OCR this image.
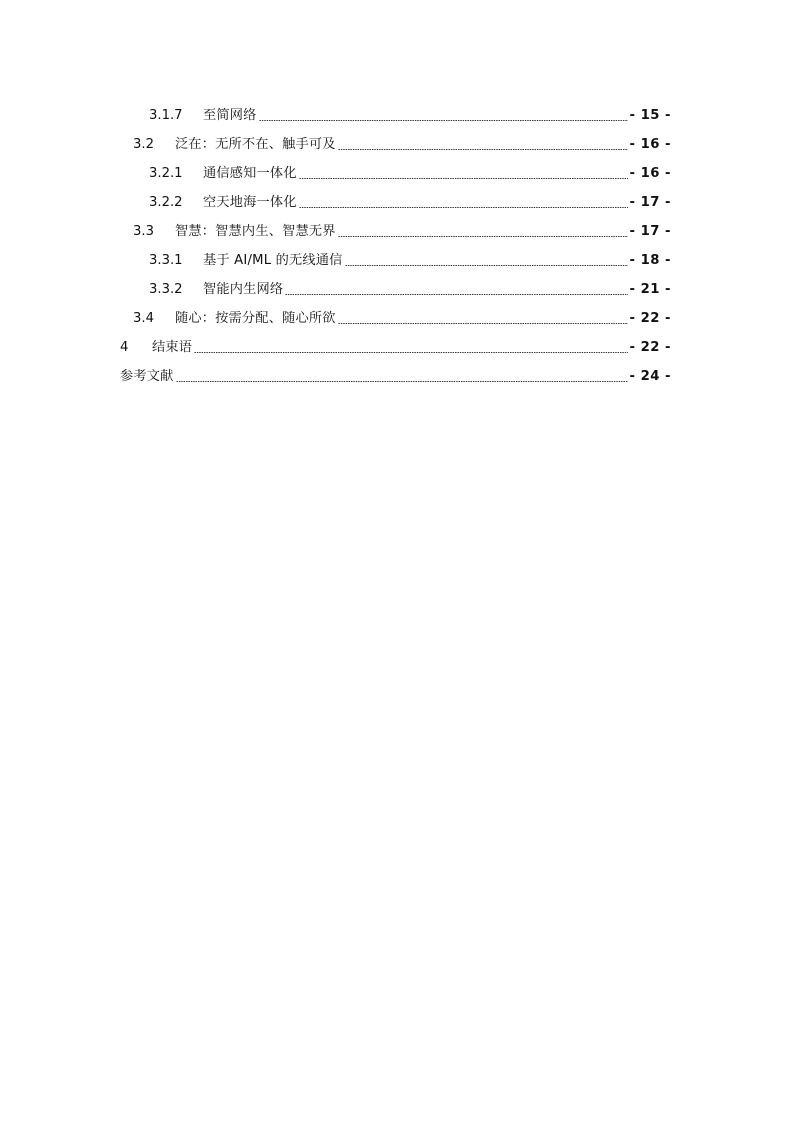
3.1.7	至简网络	- 15 -
3.2	泛在：无所不在、触手可及	- 16 -
3.2.1	通信感知一体化	- 16 -
3.2.2	空天地海一体化	- 17 -
3.3	智慧：智慧内生、智慧无界	- 17 -
3.3.1	基于 AI/ML 的无线通信	- 18 -
3.3.2	智能内生网络	- 21 -
3.4	随心：按需分配、随心所欲	- 22 -
4	结束语	- 22 -
参考文献	- 24 -
